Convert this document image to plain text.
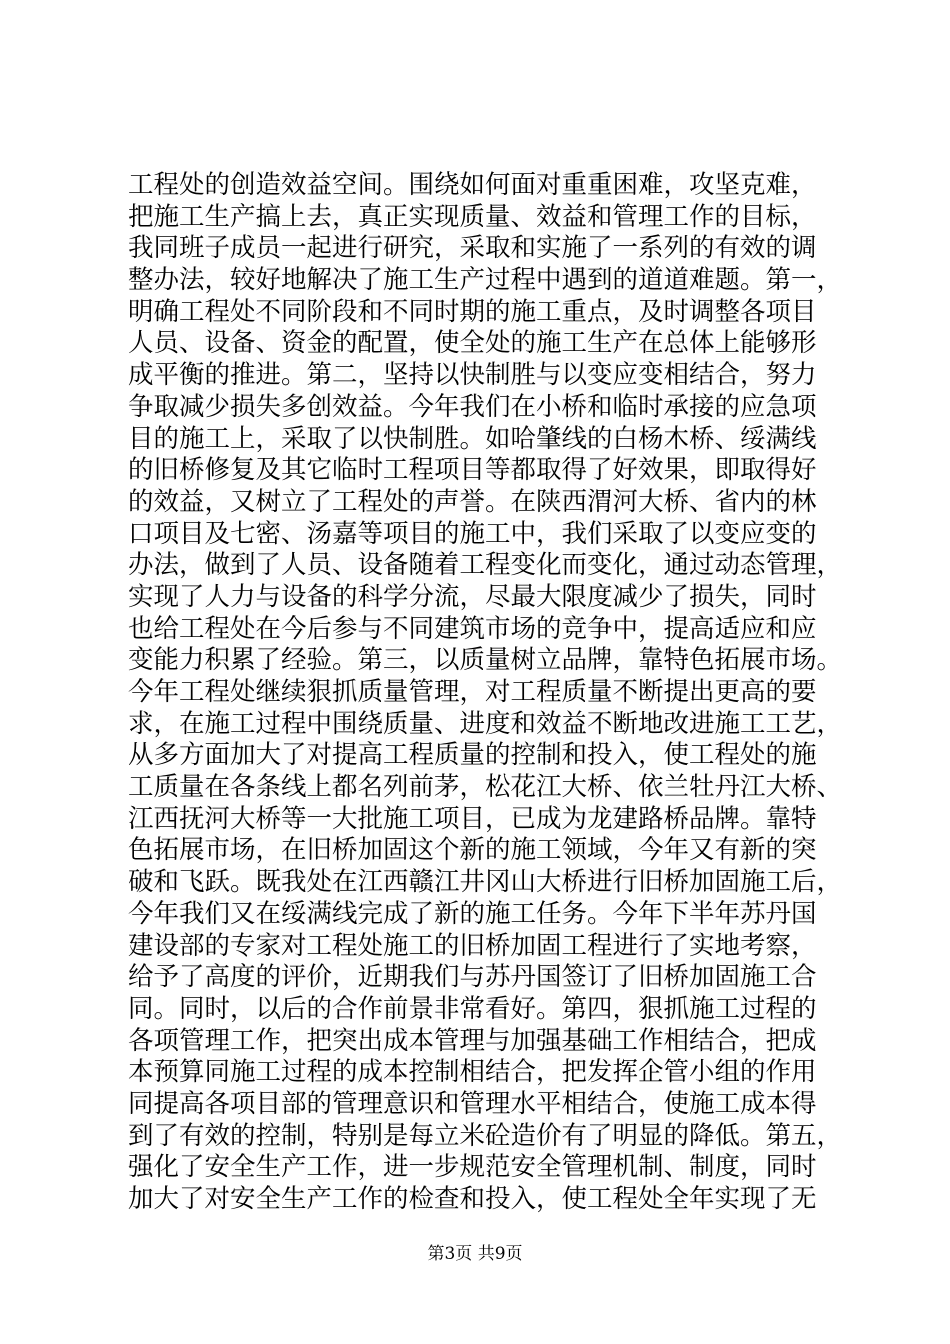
工程处的创造效益空间。围绕如何面对重重困难，攻坚克难，
把施工生产搞上去，真正实现质量、效益和管理工作的目标，
我同班子成员一起进行研究，采取和实施了一系列的有效的调
整办法，较好地解决了施工生产过程中遇到的道道难题。第一，
明确工程处不同阶段和不同时期的施工重点，及时调整各项目
人员、设备、资金的配置，使全处的施工生产在总体上能够形
成平衡的推进。第二，坚持以快制胜与以变应变相结合，努力
争取减少损失多创效益。今年我们在小桥和临时承接的应急项
目的施工上，采取了以快制胜。如哈肇线的白杨木桥、绥满线
的旧桥修复及其它临时工程项目等都取得了好效果，即取得好
的效益，又树立了工程处的声誉。在陕西渭河大桥、省内的林
口项目及七密、汤嘉等项目的施工中，我们采取了以变应变的
办法，做到了人员、设备随着工程变化而变化，通过动态管理，
实现了人力与设备的科学分流，尽最大限度减少了损失，同时
也给工程处在今后参与不同建筑市场的竞争中，提高适应和应
变能力积累了经验。第三，以质量树立品牌，靠特色拓展市场。
今年工程处继续狠抓质量管理，对工程质量不断提出更高的要
求，在施工过程中围绕质量、进度和效益不断地改进施工工艺，
从多方面加大了对提高工程质量的控制和投入，使工程处的施
工质量在各条线上都名列前茅，松花江大桥、依兰牡丹江大桥、
江西抚河大桥等一大批施工项目，已成为龙建路桥品牌。靠特
色拓展市场，在旧桥加固这个新的施工领域，今年又有新的突
破和飞跃。既我处在江西赣江井冈山大桥进行旧桥加固施工后，
今年我们又在绥满线完成了新的施工任务。今年下半年苏丹国
建设部的专家对工程处施工的旧桥加固工程进行了实地考察，
给予了高度的评价，近期我们与苏丹国签订了旧桥加固施工合
同。同时，以后的合作前景非常看好。第四，狠抓施工过程的
各项管理工作，把突出成本管理与加强基础工作相结合，把成
本预算同施工过程的成本控制相结合，把发挥企管小组的作用
同提高各项目部的管理意识和管理水平相结合，使施工成本得
到了有效的控制，特别是每立米砼造价有了明显的降低。第五，
强化了安全生产工作，进一步规范安全管理机制、制度，同时
加大了对安全生产工作的检查和投入，使工程处全年实现了无
第3页 共9页
